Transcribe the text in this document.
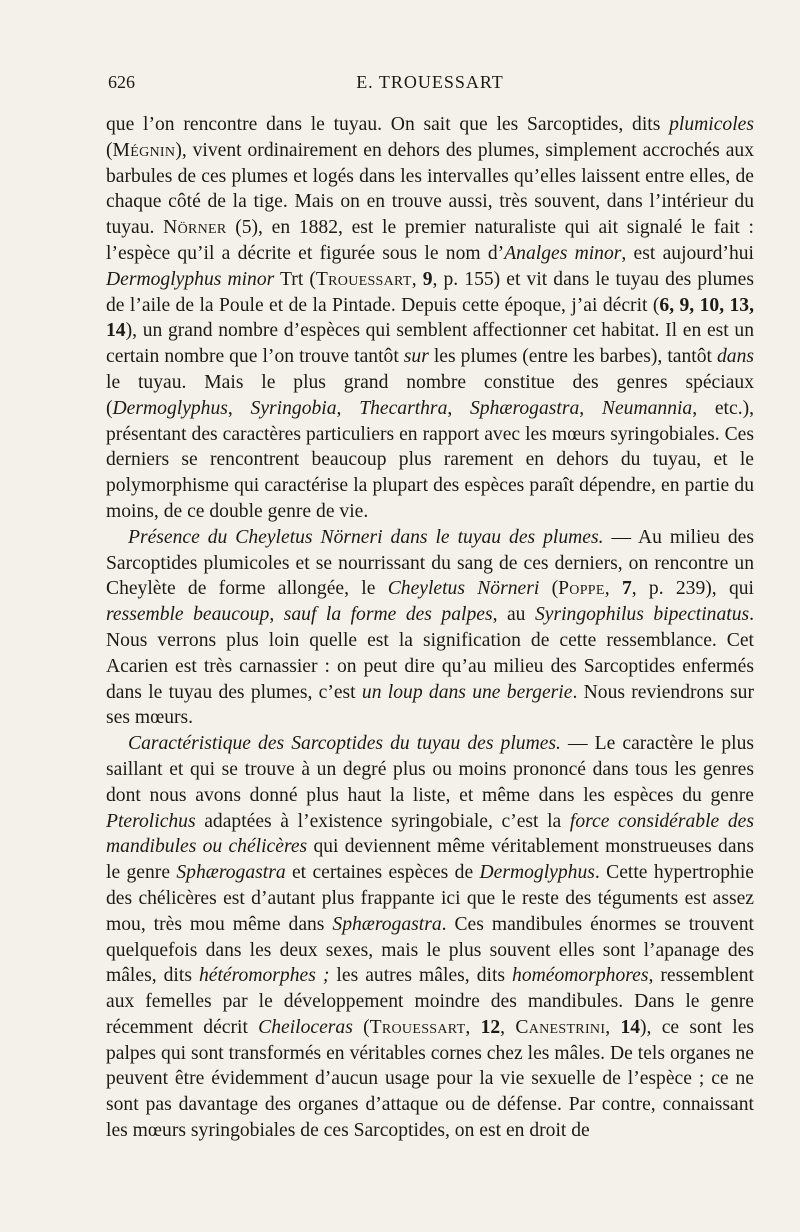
626	E. TROUESSART

que l’on rencontre dans le tuyau. On sait que les Sarcoptides, dits plumicoles (Mégnin), vivent ordinairement en dehors des plumes, simplement accrochés aux barbules de ces plumes et logés dans les intervalles qu’elles laissent entre elles, de chaque côté de la tige. Mais on en trouve aussi, très souvent, dans l’intérieur du tuyau. Nörner (5), en 1882, est le premier naturaliste qui ait signalé le fait : l’espèce qu’il a décrite et figurée sous le nom d’Analges minor, est aujourd’hui Dermoglyphus minor Trt (Trouessart, 9, p. 155) et vit dans le tuyau des plumes de l’aile de la Poule et de la Pintade. Depuis cette époque, j’ai décrit (6, 9, 10, 13, 14), un grand nombre d’espèces qui semblent affectionner cet habitat. Il en est un certain nombre que l’on trouve tantôt sur les plumes (entre les barbes), tantôt dans le tuyau. Mais le plus grand nombre constitue des genres spéciaux (Dermoglyphus, Syringobia, Thecarthra, Sphærogastra, Neumannia, etc.), présentant des caractères particuliers en rapport avec les mœurs syringobiales. Ces derniers se rencontrent beaucoup plus rarement en dehors du tuyau, et le polymorphisme qui caractérise la plupart des espèces paraît dépendre, en partie du moins, de ce double genre de vie.

Présence du Cheyletus Nörneri dans le tuyau des plumes. — Au milieu des Sarcoptides plumicoles et se nourrissant du sang de ces derniers, on rencontre un Cheylète de forme allongée, le Cheyletus Nörneri (Poppe, 7, p. 239), qui ressemble beaucoup, sauf la forme des palpes, au Syringophilus bipectinatus. Nous verrons plus loin quelle est la signification de cette ressemblance. Cet Acarien est très carnassier : on peut dire qu’au milieu des Sarcoptides enfermés dans le tuyau des plumes, c’est un loup dans une bergerie. Nous reviendrons sur ses mœurs.

Caractéristique des Sarcoptides du tuyau des plumes. — Le caractère le plus saillant et qui se trouve à un degré plus ou moins prononcé dans tous les genres dont nous avons donné plus haut la liste, et même dans les espèces du genre Pterolichus adaptées à l’existence syringobiale, c’est la force considérable des mandibules ou chélicères qui deviennent même véritablement monstrueuses dans le genre Sphærogastra et certaines espèces de Dermoglyphus. Cette hypertrophie des chélicères est d’autant plus frappante ici que le reste des téguments est assez mou, très mou même dans Sphærogastra. Ces mandibules énormes se trouvent quelquefois dans les deux sexes, mais le plus souvent elles sont l’apanage des mâles, dits hétéromorphes ; les autres mâles, dits homéomorphores, ressemblent aux femelles par le développement moindre des mandibules. Dans le genre récemment décrit Cheiloceras (Trouessart, 12, Canestrini, 14), ce sont les palpes qui sont transformés en véritables cornes chez les mâles. De tels organes ne peuvent être évidemment d’aucun usage pour la vie sexuelle de l’espèce ; ce ne sont pas davantage des organes d’attaque ou de défense. Par contre, connaissant les mœurs syringobiales de ces Sarcoptides, on est en droit de
